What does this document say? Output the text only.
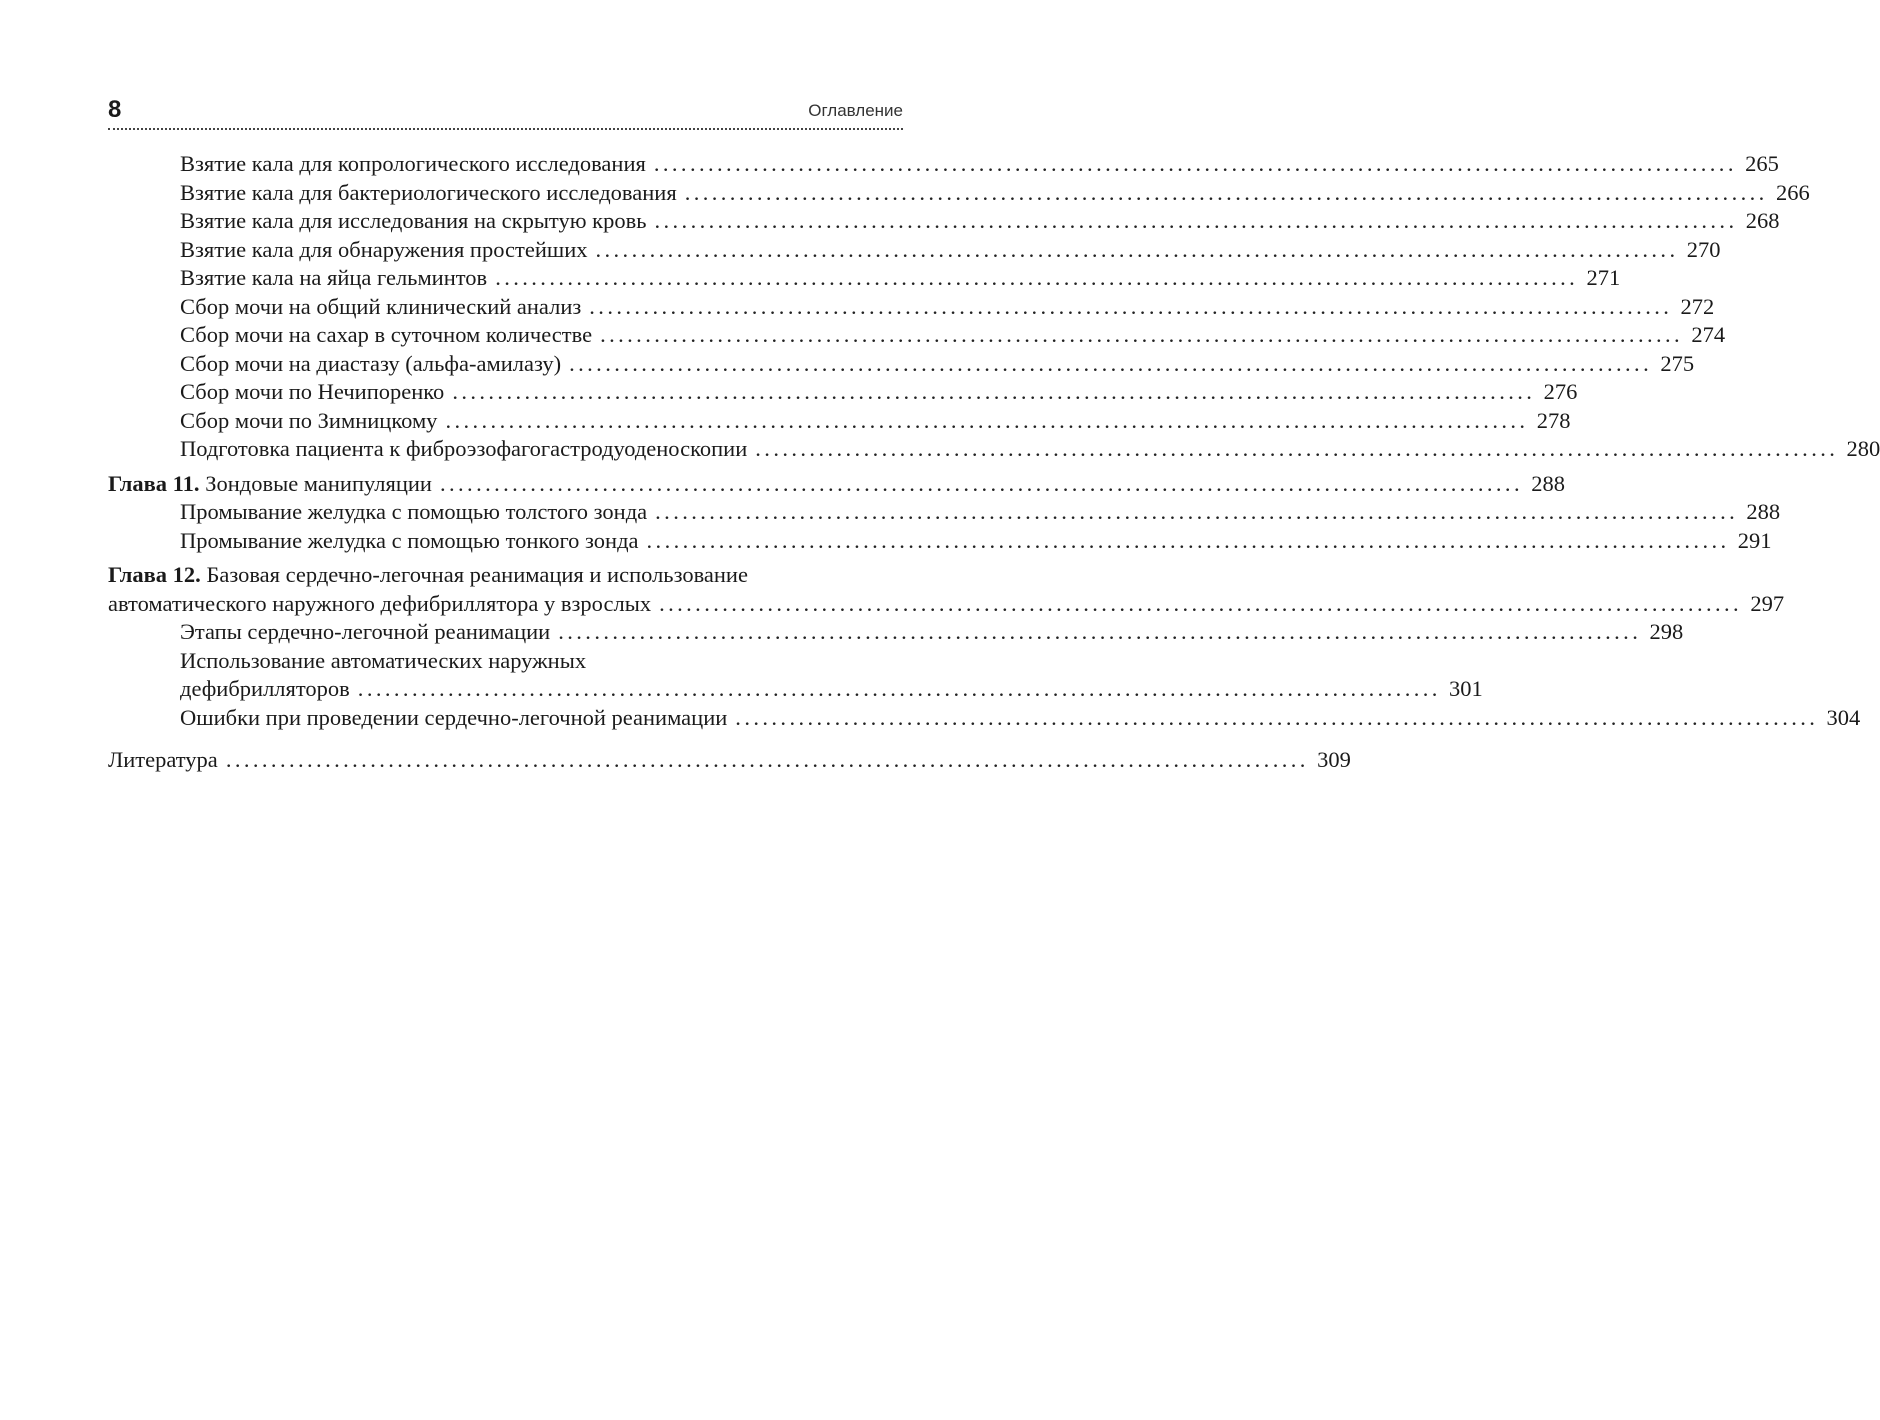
8	Оглавление
Взятие кала для копрологического исследования ........................................................................................................................ 265
Взятие кала для бактериологического исследования ........................................................................................................................ 266
Взятие кала для исследования на скрытую кровь ........................................................................................................................ 268
Взятие кала для обнаружения простейших ........................................................................................................................ 270
Взятие кала на яйца гельминтов ........................................................................................................................ 271
Сбор мочи на общий клинический анализ ........................................................................................................................ 272
Сбор мочи на сахар в суточном количестве ........................................................................................................................ 274
Сбор мочи на диастазу (альфа-амилазу) ........................................................................................................................ 275
Сбор мочи по Нечипоренко ........................................................................................................................ 276
Сбор мочи по Зимницкому ........................................................................................................................ 278
Подготовка пациента к фиброэзофагогастродуоденоскопии ........................................................................................................................ 280
Глава 11. Зондовые манипуляции ........................................................................................................................ 288
Промывание желудка с помощью толстого зонда ........................................................................................................................ 288
Промывание желудка с помощью тонкого зонда ........................................................................................................................ 291
Глава 12. Базовая сердечно-легочная реанимация и использование
автоматического наружного дефибриллятора у взрослых ........................................................................................................................ 297
Этапы сердечно-легочной реанимации ........................................................................................................................ 298
Использование автоматических наружных
дефибрилляторов ........................................................................................................................ 301
Ошибки при проведении сердечно-легочной реанимации ........................................................................................................................ 304
Литература ........................................................................................................................ 309
